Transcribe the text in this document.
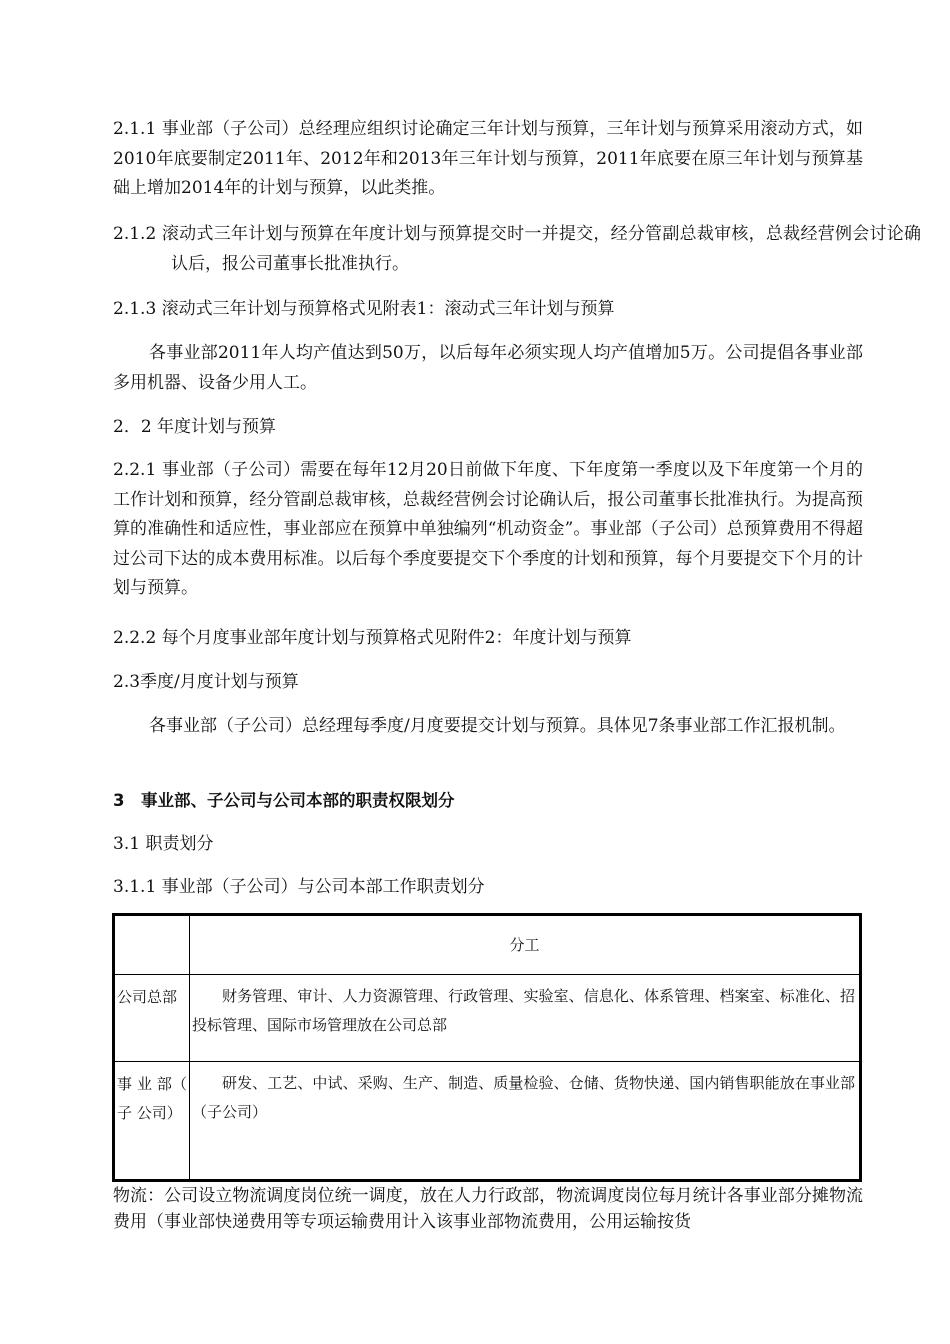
2.1.1 事业部（子公司）总经理应组织讨论确定三年计划与预算，三年计划与预算采用滚动方式，如2010年底要制定2011年、2012年和2013年三年计划与预算，2011年底要在原三年计划与预算基础上增加2014年的计划与预算，以此类推。

2.1.2 滚动式三年计划与预算在年度计划与预算提交时一并提交，经分管副总裁审核，总裁经营例会讨论确认后，报公司董事长批准执行。

2.1.3 滚动式三年计划与预算格式见附表1：滚动式三年计划与预算

各事业部2011年人均产值达到50万，以后每年必须实现人均产值增加5万。公司提倡各事业部多用机器、设备少用人工。

2．2 年度计划与预算

2.2.1 事业部（子公司）需要在每年12月20日前做下年度、下年度第一季度以及下年度第一个月的工作计划和预算，经分管副总裁审核，总裁经营例会讨论确认后，报公司董事长批准执行。为提高预算的准确性和适应性，事业部应在预算中单独编列“机动资金”。事业部（子公司）总预算费用不得超过公司下达的成本费用标准。以后每个季度要提交下个季度的计划和预算，每个月要提交下个月的计划与预算。

2.2.2 每个月度事业部年度计划与预算格式见附件2：年度计划与预算

2.3季度/月度计划与预算

各事业部（子公司）总经理每季度/月度要提交计划与预算。具体见7条事业部工作汇报机制。

3　事业部、子公司与公司本部的职责权限划分

3.1 职责划分

3.1.1 事业部（子公司）与公司本部工作职责划分

	分工
公司总部	财务管理、审计、人力资源管理、行政管理、实验室、信息化、体系管理、档案室、标准化、招投标管理、国际市场管理放在公司总部
事 业 部（ 子 公司）	研发、工艺、中试、采购、生产、制造、质量检验、仓储、货物快递、国内销售职能放在事业部（子公司）

物流：公司设立物流调度岗位统一调度，放在人力行政部，物流调度岗位每月统计各事业部分摊物流费用（事业部快递费用等专项运输费用计入该事业部物流费用，公用运输按货
